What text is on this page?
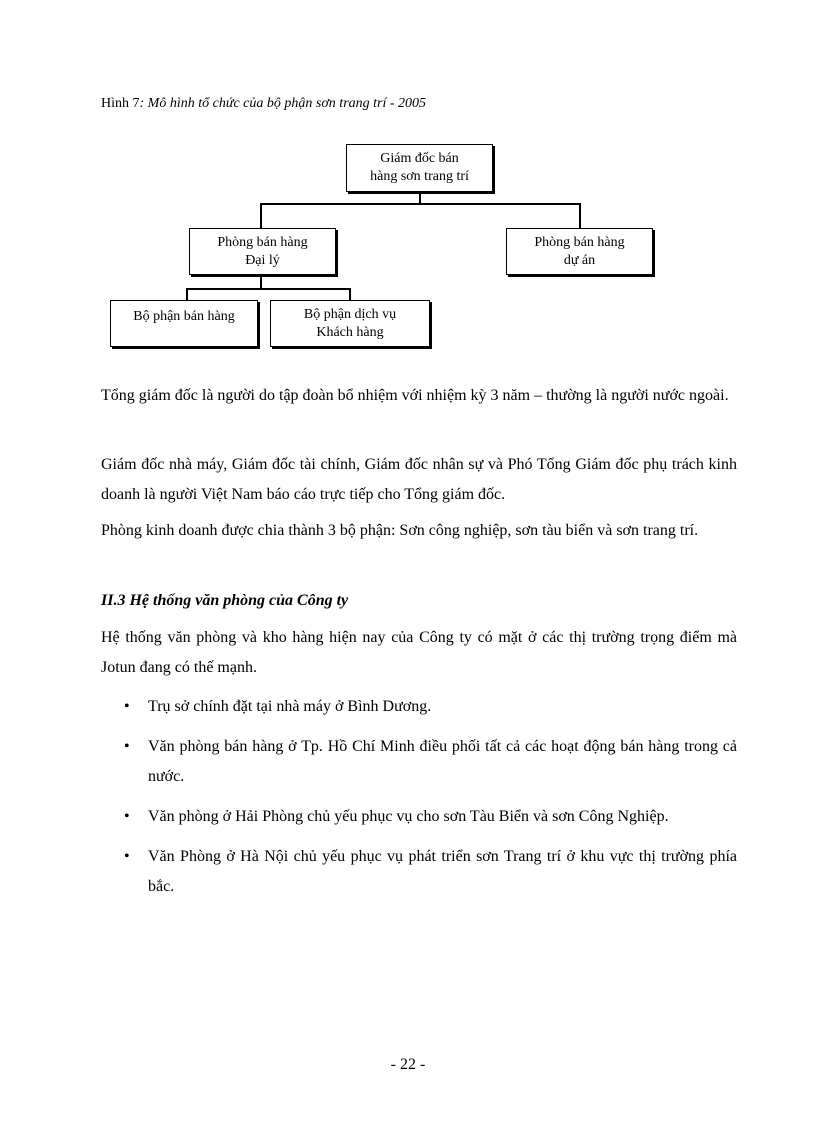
Hình 7: Mô hình tổ chức của bộ phận sơn trang trí - 2005
Giám đốc bán
hàng sơn trang trí
Phòng bán hàng
Đại lý
Phòng bán hàng
dự án
Bộ phận bán hàng	Bộ phận dịch vụ
Khách hàng

Tổng giám đốc là người do tập đoàn bổ nhiệm với nhiệm kỳ 3 năm – thường là người nước ngoài.

Giám đốc nhà máy, Giám đốc tài chính, Giám đốc nhân sự và Phó Tổng Giám đốc phụ trách kinh doanh là người Việt Nam báo cáo trực tiếp cho Tổng giám đốc.

Phòng kinh doanh được chia thành 3 bộ phận: Sơn công nghiệp, sơn tàu biển và sơn trang trí.

II.3 Hệ thống văn phòng của Công ty

Hệ thống văn phòng và kho hàng hiện nay của Công ty có mặt ở các thị trường trọng điểm mà Jotun đang có thế mạnh.

• Trụ sở chính đặt tại nhà máy ở Bình Dương.
• Văn phòng bán hàng ở Tp. Hồ Chí Minh điều phối tất cả các hoạt động bán hàng trong cả nước.
• Văn phòng ở Hải Phòng chủ yếu phục vụ cho sơn Tàu Biển và sơn Công Nghiệp.
• Văn Phòng ở Hà Nội chủ yếu phục vụ phát triển sơn Trang trí ở khu vực thị trường phía bắc.
- 22 -
